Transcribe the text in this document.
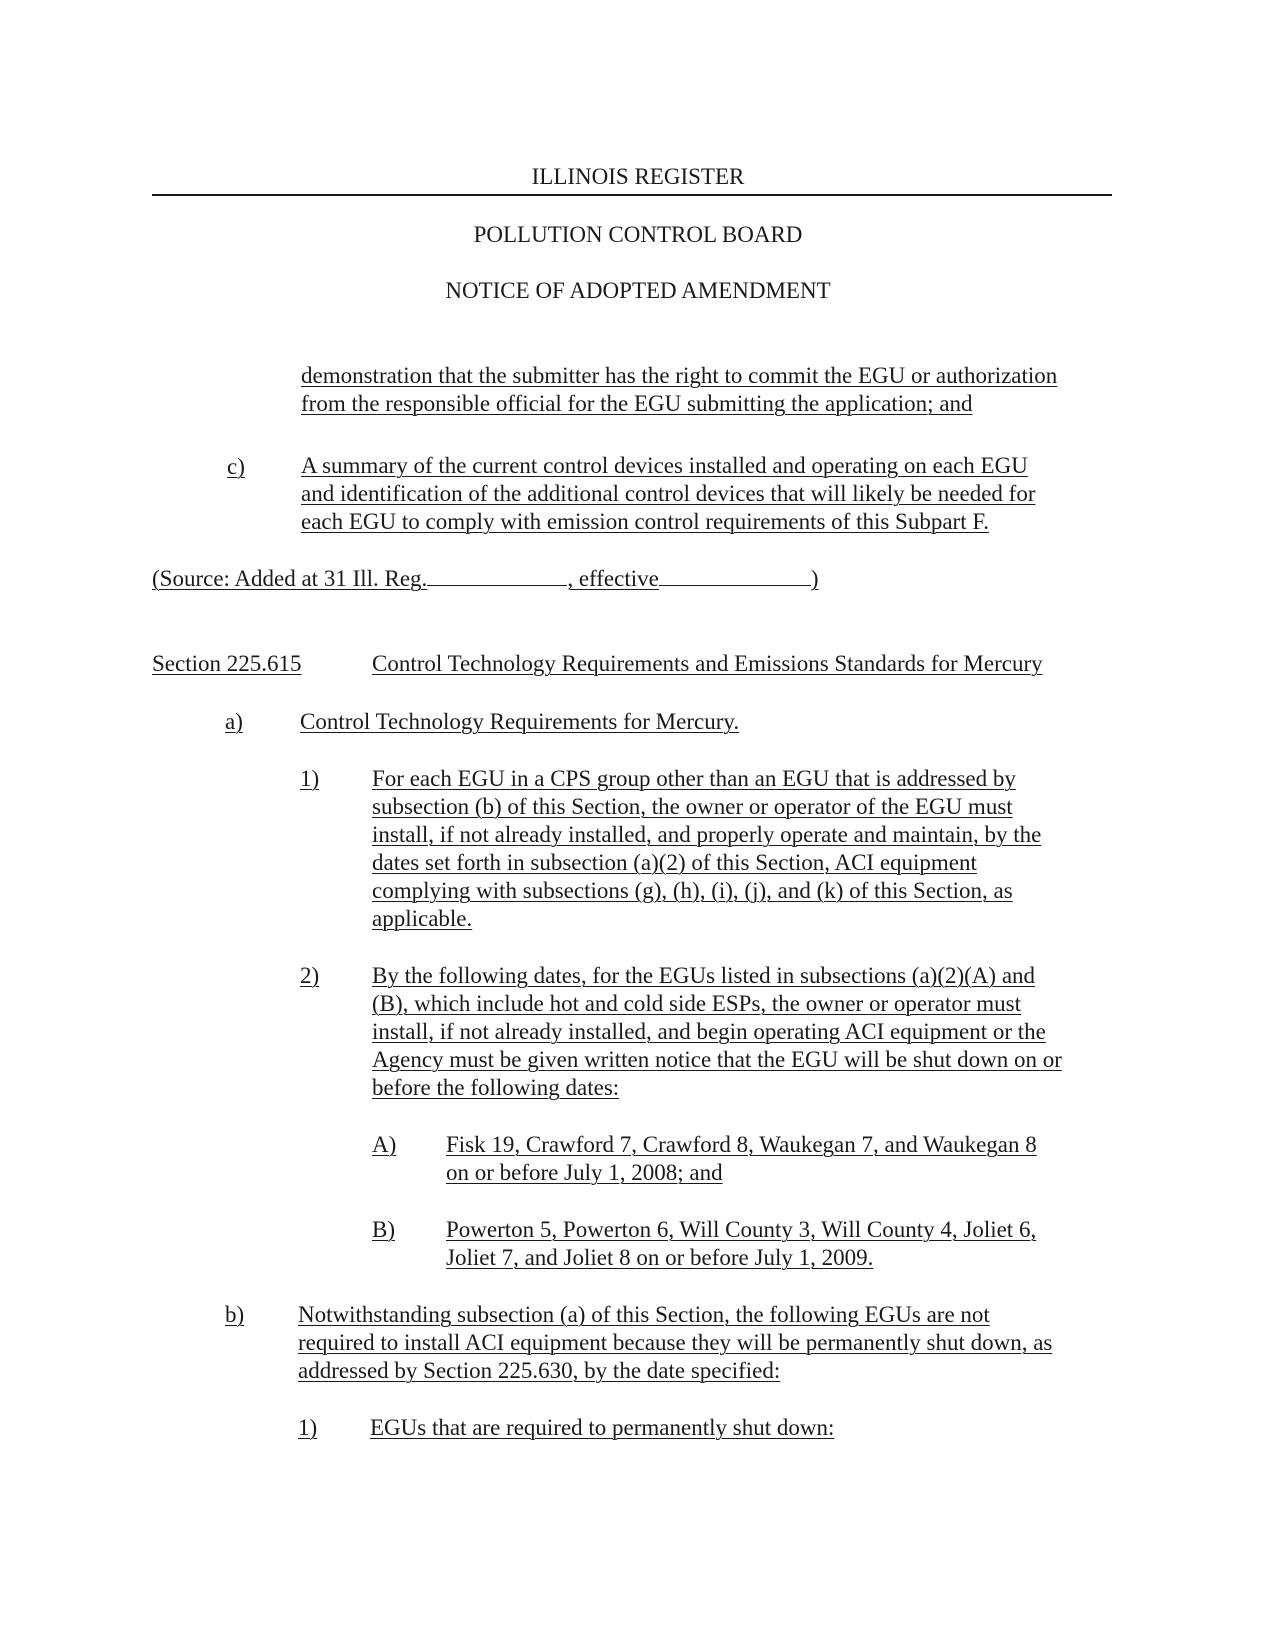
ILLINOIS REGISTER
POLLUTION CONTROL BOARD
NOTICE OF ADOPTED AMENDMENT
demonstration that the submitter has the right to commit the EGU or authorization
from the responsible official for the EGU submitting the application; and
c)	A summary of the current control devices installed and operating on each EGU
and identification of the additional control devices that will likely be needed for
each EGU to comply with emission control requirements of this Subpart F.
(Source: Added at 31 Ill. Reg.	, effective	)
Section 225.615	Control Technology Requirements and Emissions Standards for Mercury
a)	Control Technology Requirements for Mercury.
1)	For each EGU in a CPS group other than an EGU that is addressed by
subsection (b) of this Section, the owner or operator of the EGU must
install, if not already installed, and properly operate and maintain, by the
dates set forth in subsection (a)(2) of this Section, ACI equipment
complying with subsections (g), (h), (i), (j), and (k) of this Section, as
applicable.
2)	By the following dates, for the EGUs listed in subsections (a)(2)(A) and
(B), which include hot and cold side ESPs, the owner or operator must
install, if not already installed, and begin operating ACI equipment or the
Agency must be given written notice that the EGU will be shut down on or
before the following dates:
A)	Fisk 19, Crawford 7, Crawford 8, Waukegan 7, and Waukegan 8
on or before July 1, 2008; and
B)	Powerton 5, Powerton 6, Will County 3, Will County 4, Joliet 6,
Joliet 7, and Joliet 8 on or before July 1, 2009.
b)	Notwithstanding subsection (a) of this Section, the following EGUs are not
required to install ACI equipment because they will be permanently shut down, as
addressed by Section 225.630, by the date specified:
1)	EGUs that are required to permanently shut down:
